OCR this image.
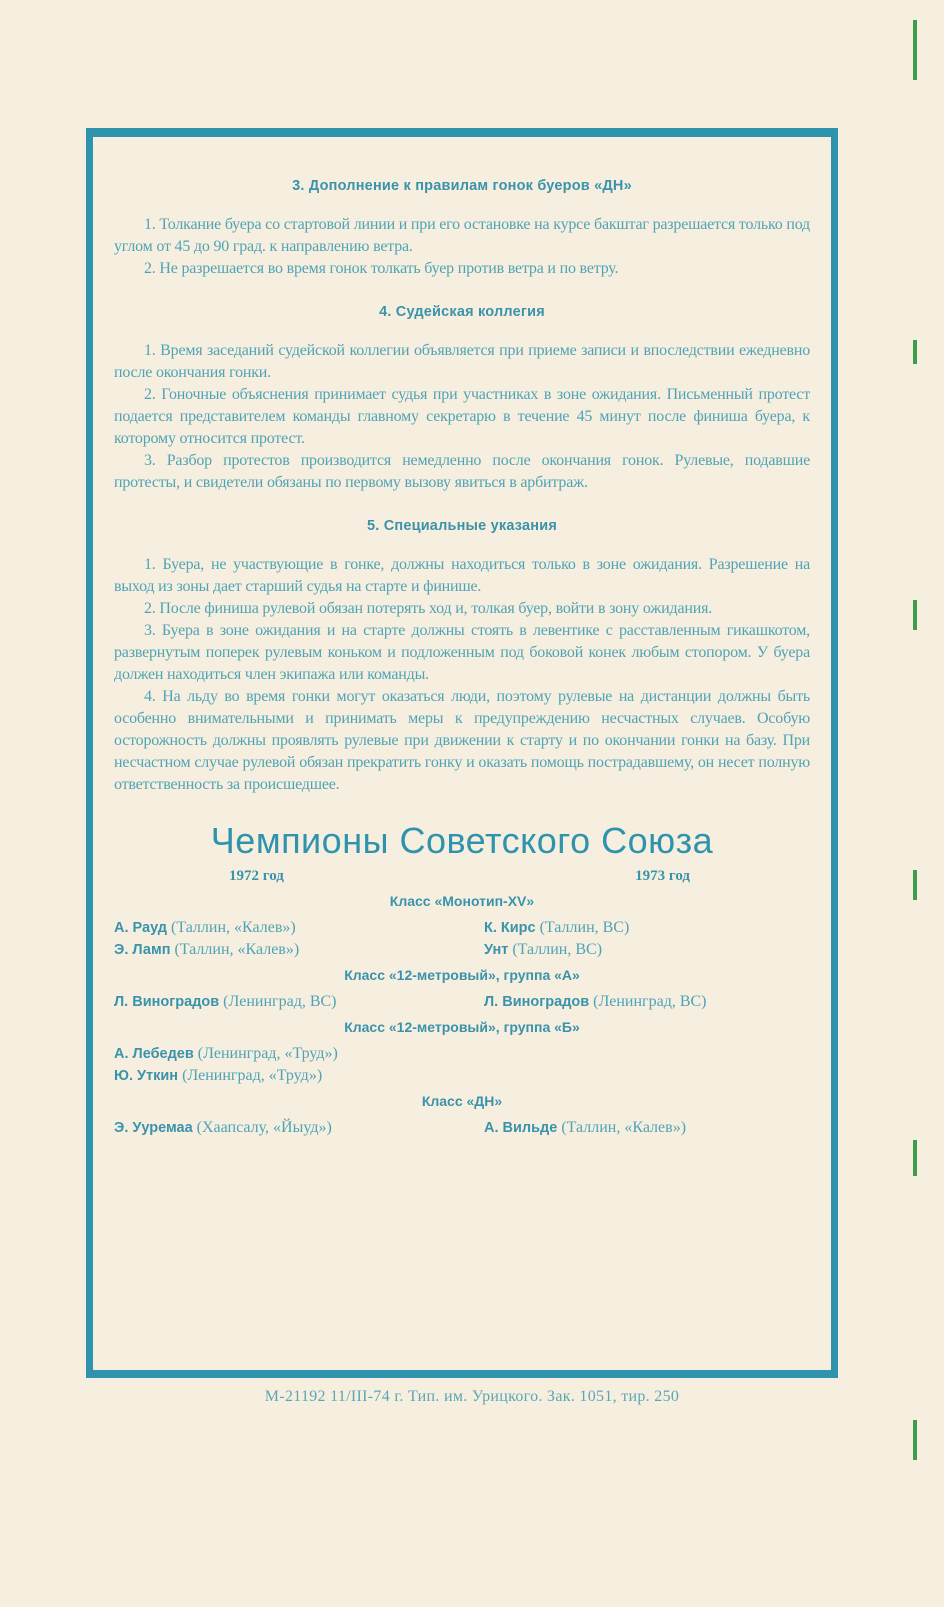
3. Дополнение к правилам гонок буеров «ДН»

1. Толкание буера со стартовой линии и при его остановке на курсе бакштаг разрешается только под углом от 45 до 90 град. к направлению ветра.

2. Не разрешается во время гонок толкать буер против ветра и по ветру.

4. Судейская коллегия

1. Время заседаний судейской коллегии объявляется при приеме записи и впоследствии ежедневно после окончания гонки.

2. Гоночные объяснения принимает судья при участниках в зоне ожидания. Письменный протест подается представителем команды главному секретарю в течение 45 минут после финиша буера, к которому относится протест.

3. Разбор протестов производится немедленно после окончания гонок. Рулевые, подавшие протесты, и свидетели обязаны по первому вызову явиться в арбитраж.

5. Специальные указания

1. Буера, не участвующие в гонке, должны находиться только в зоне ожидания. Разрешение на выход из зоны дает старший судья на старте и финише.

2. После финиша рулевой обязан потерять ход и, толкая буер, войти в зону ожидания.

3. Буера в зоне ожидания и на старте должны стоять в левентике с расставленным гикашкотом, развернутым поперек рулевым коньком и подложенным под боковой конек любым стопором. У буера должен находиться член экипажа или команды.

4. На льду во время гонки могут оказаться люди, поэтому рулевые на дистанции должны быть особенно внимательными и принимать меры к предупреждению несчастных случаев. Особую осторожность должны проявлять рулевые при движении к старту и по окончании гонки на базу. При несчастном случае рулевой обязан прекратить гонку и оказать помощь пострадавшему, он несет полную ответственность за происшедшее.

Чемпионы Советского Союза
1972 год	1973 год
Класс «Монотип-XV»
А. Рауд (Таллин, «Калев»)	К. Кирс (Таллин, ВС)
Э. Ламп (Таллин, «Калев»)	Унт (Таллин, ВС)
Класс «12-метровый», группа «А»
Л. Виноградов (Ленинград, ВС)	Л. Виноградов (Ленинград, ВС)
Класс «12-метровый», группа «Б»
А. Лебедев (Ленинград, «Труд»)
Ю. Уткин (Ленинград, «Труд»)
Класс «ДН»
Э. Ууремаа (Хаапсалу, «Йыуд»)	А. Вильде (Таллин, «Калев»)
М-21192 11/III-74 г. Тип. им. Урицкого. Зак. 1051, тир. 250
